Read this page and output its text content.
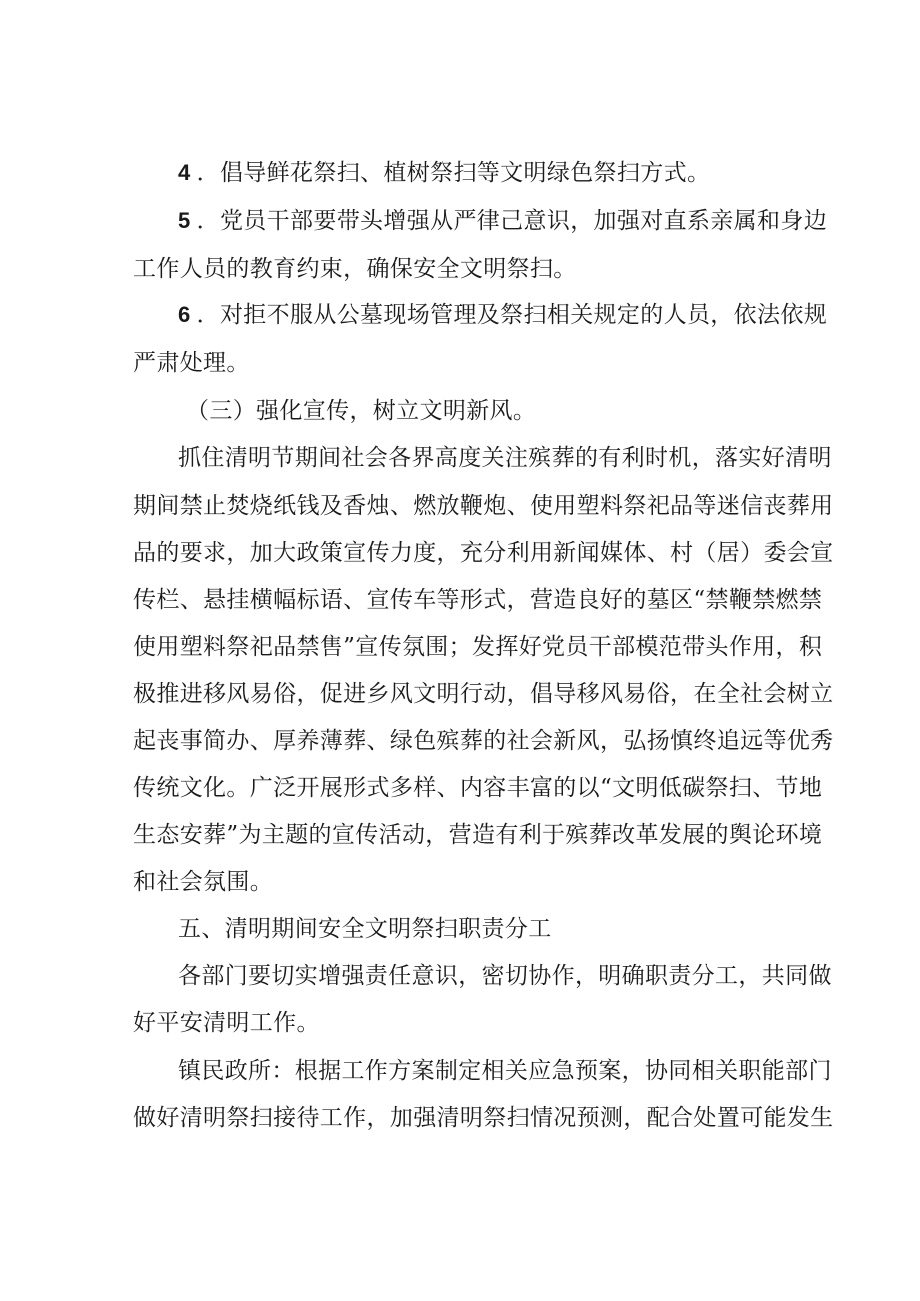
4 ．倡导鲜花祭扫、植树祭扫等文明绿色祭扫方式。
5 ．党员干部要带头增强从严律己意识，加强对直系亲属和身边
工作人员的教育约束，确保安全文明祭扫。
6 ．对拒不服从公墓现场管理及祭扫相关规定的人员，依法依规
严肃处理。
（三）强化宣传，树立文明新风。
抓住清明节期间社会各界高度关注殡葬的有利时机，落实好清明
期间禁止焚烧纸钱及香烛、燃放鞭炮、使用塑料祭祀品等迷信丧葬用
品的要求，加大政策宣传力度，充分利用新闻媒体、村（居）委会宣
传栏、悬挂横幅标语、宣传车等形式，营造良好的墓区“禁鞭禁燃禁
使用塑料祭祀品禁售”宣传氛围；发挥好党员干部模范带头作用，积
极推进移风易俗，促进乡风文明行动，倡导移风易俗，在全社会树立
起丧事简办、厚养薄葬、绿色殡葬的社会新风，弘扬慎终追远等优秀
传统文化。广泛开展形式多样、内容丰富的以“文明低碳祭扫、节地
生态安葬”为主题的宣传活动，营造有利于殡葬改革发展的舆论环境
和社会氛围。
五、清明期间安全文明祭扫职责分工
各部门要切实增强责任意识，密切协作，明确职责分工，共同做
好平安清明工作。
镇民政所：根据工作方案制定相关应急预案，协同相关职能部门
做好清明祭扫接待工作，加强清明祭扫情况预测，配合处置可能发生
